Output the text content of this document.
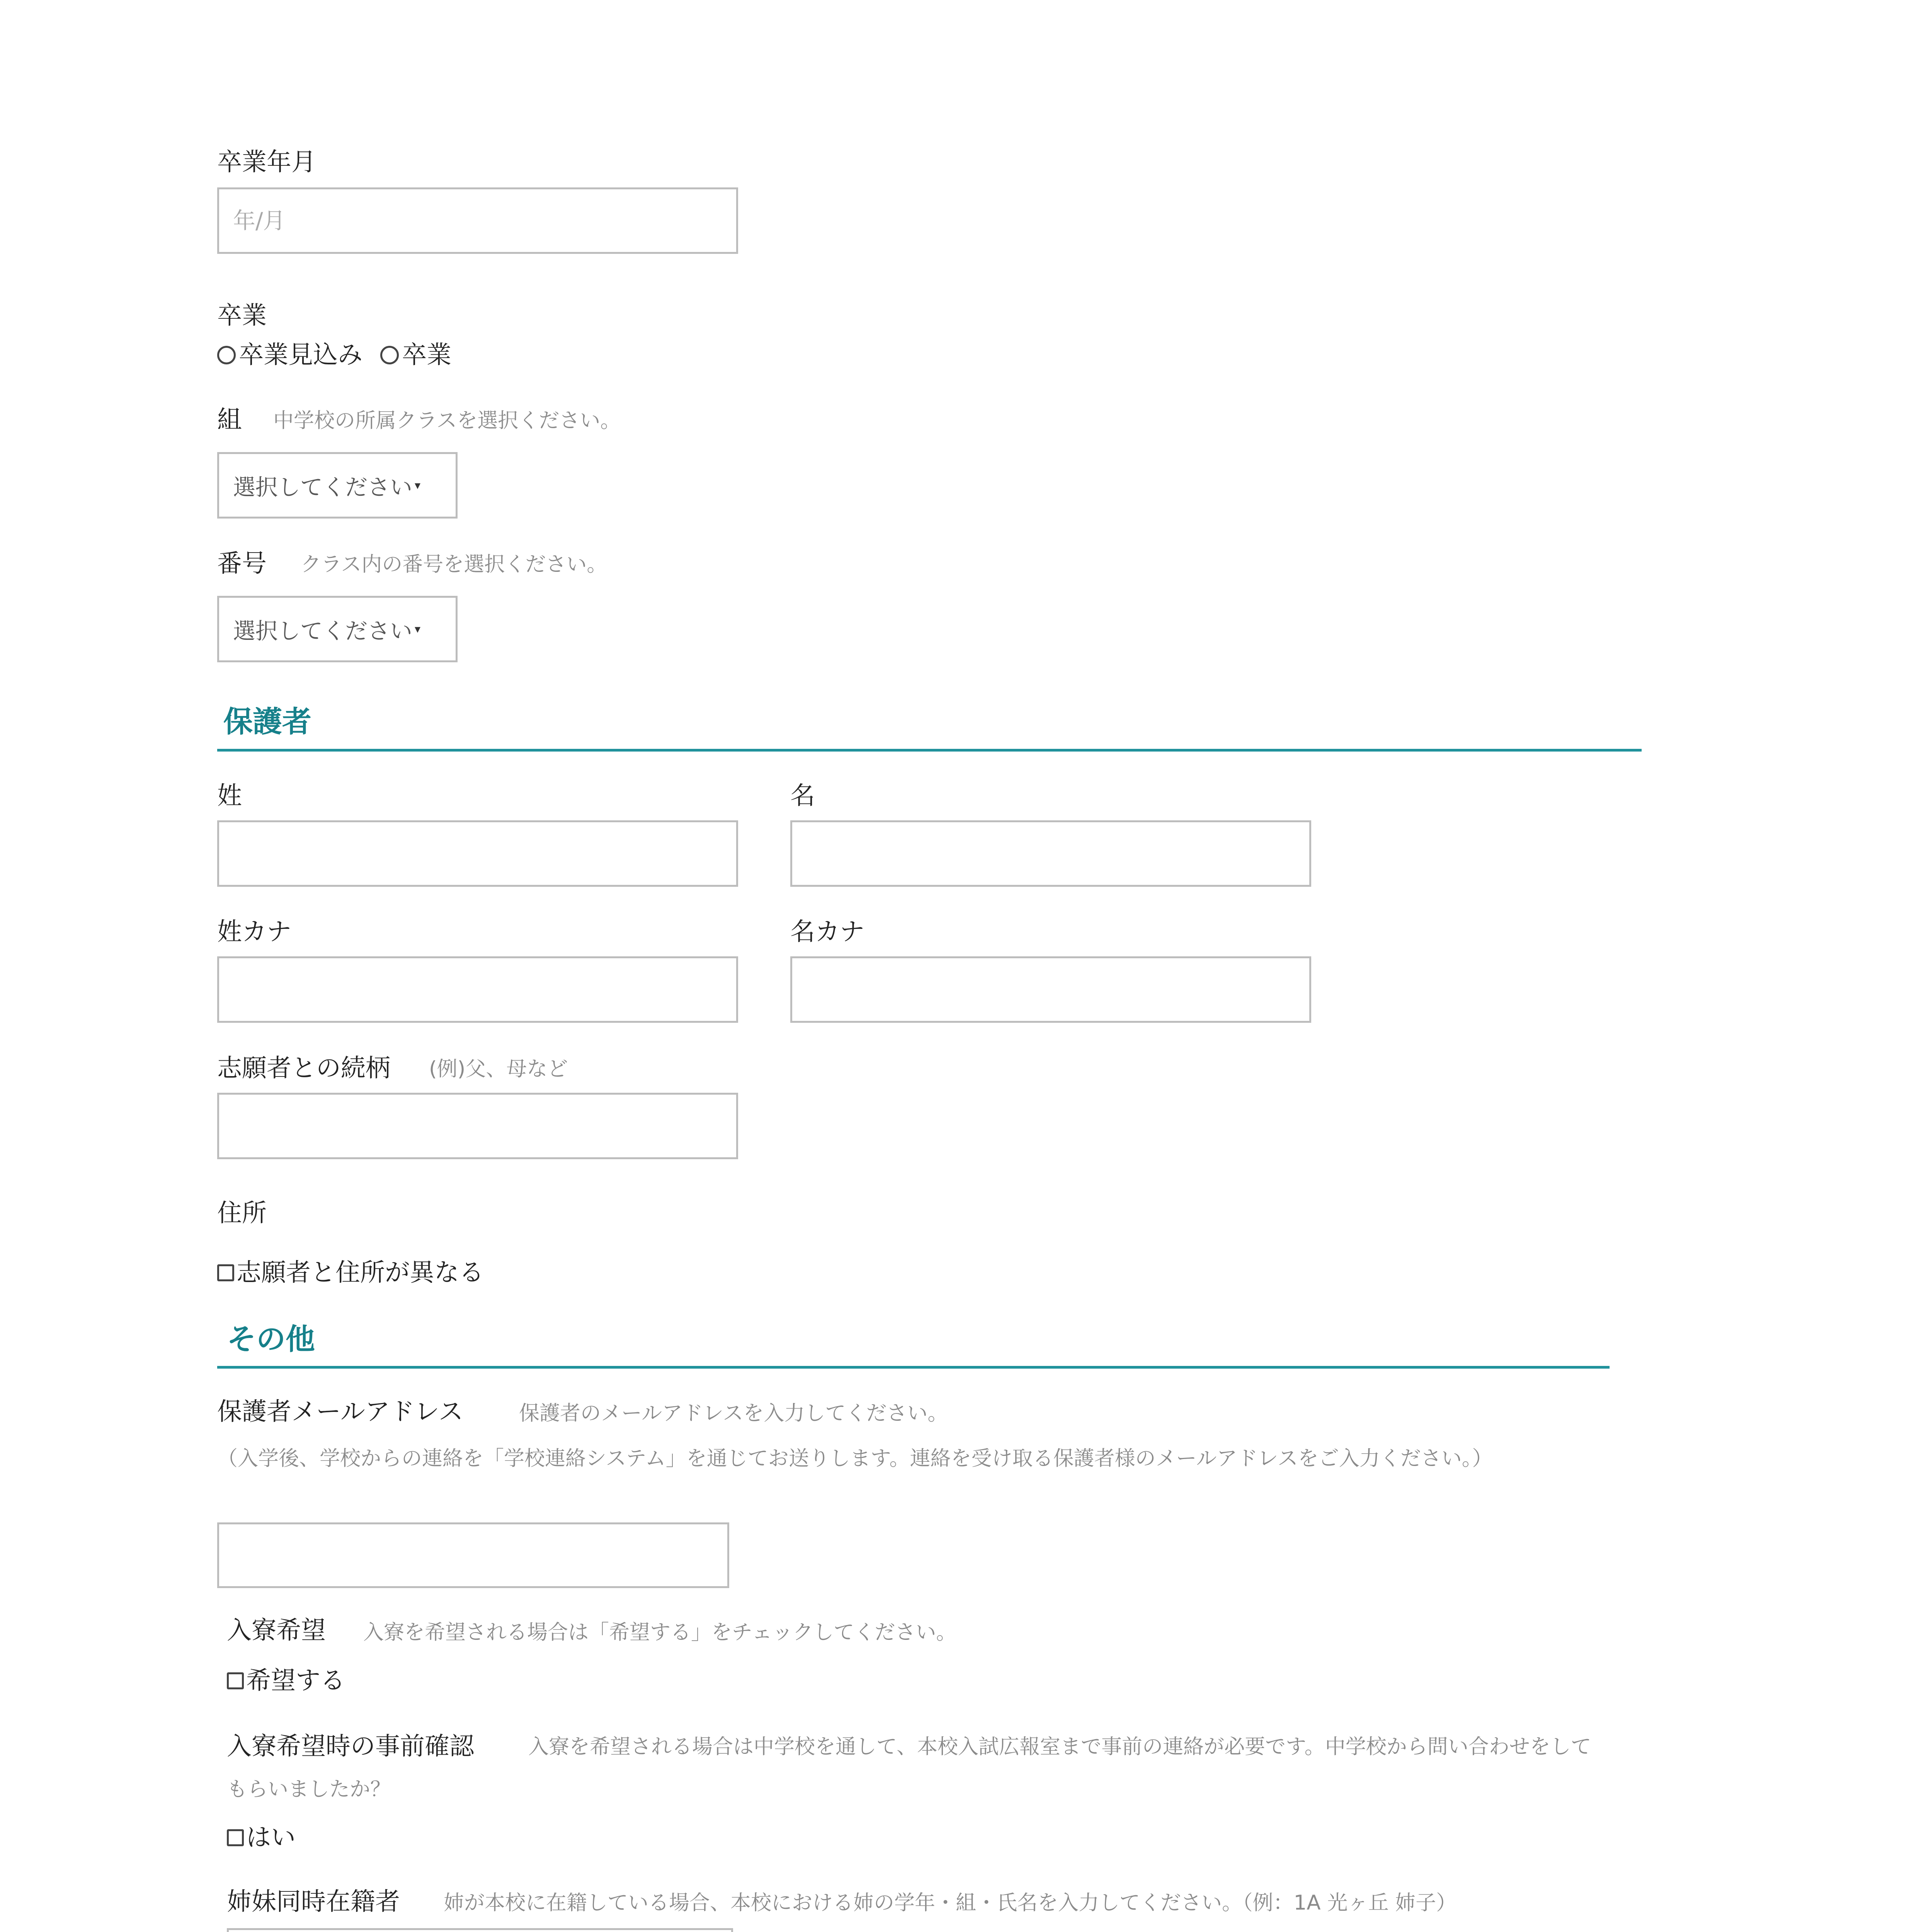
卒業年月
年/月
卒業
卒業見込み 卒業
組 中学校の所属クラスを選択ください。
選択してください ▾
番号 クラス内の番号を選択ください。
選択してください ▾
保護者
姓	名
姓カナ	名カナ
志願者との続柄 (例)父、母など
住所
志願者と住所が異なる
その他
保護者メールアドレス	保護者のメールアドレスを入力してください。
（入学後、学校からの連絡を「学校連絡システム」を通じてお送りします。連絡を受け取る保護者様のメールアドレスをご入力ください。）
入寮希望 入寮を希望される場合は「希望する」をチェックしてください。
希望する
入寮希望時の事前確認	入寮を希望される場合は中学校を通して、本校入試広報室まで事前の連絡が必要です。中学校から問い合わせをしてもらいましたか？
はい
姉妹同時在籍者 姉が本校に在籍している場合、本校における姉の学年・組・氏名を入力してください。（例：1A 光ヶ丘 姉子）
